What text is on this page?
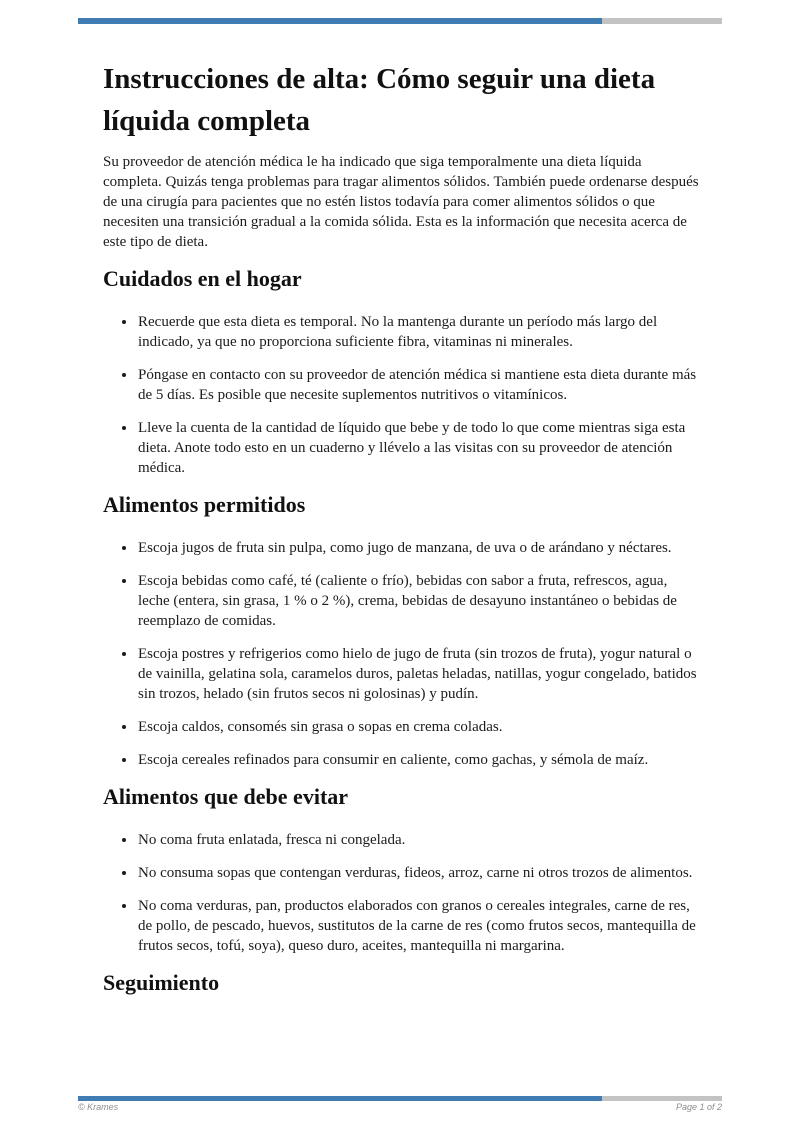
Instrucciones de alta: Cómo seguir una dieta líquida completa

Su proveedor de atención médica le ha indicado que siga temporalmente una dieta líquida completa. Quizás tenga problemas para tragar alimentos sólidos. También puede ordenarse después de una cirugía para pacientes que no estén listos todavía para comer alimentos sólidos o que necesiten una transición gradual a la comida sólida. Esta es la información que necesita acerca de este tipo de dieta.

Cuidados en el hogar
• Recuerde que esta dieta es temporal. No la mantenga durante un período más largo del indicado, ya que no proporciona suficiente fibra, vitaminas ni minerales.
• Póngase en contacto con su proveedor de atención médica si mantiene esta dieta durante más de 5 días. Es posible que necesite suplementos nutritivos o vitamínicos.
• Lleve la cuenta de la cantidad de líquido que bebe y de todo lo que come mientras siga esta dieta. Anote todo esto en un cuaderno y llévelo a las visitas con su proveedor de atención médica.
Alimentos permitidos
• Escoja jugos de fruta sin pulpa, como jugo de manzana, de uva o de arándano y néctares.
• Escoja bebidas como café, té (caliente o frío), bebidas con sabor a fruta, refrescos, agua, leche (entera, sin grasa, 1 % o 2 %), crema, bebidas de desayuno instantáneo o bebidas de reemplazo de comidas.
• Escoja postres y refrigerios como hielo de jugo de fruta (sin trozos de fruta), yogur natural o de vainilla, gelatina sola, caramelos duros, paletas heladas, natillas, yogur congelado, batidos sin trozos, helado (sin frutos secos ni golosinas) y pudín.
• Escoja caldos, consomés sin grasa o sopas en crema coladas.
• Escoja cereales refinados para consumir en caliente, como gachas, y sémola de maíz.
Alimentos que debe evitar
• No coma fruta enlatada, fresca ni congelada.
• No consuma sopas que contengan verduras, fideos, arroz, carne ni otros trozos de alimentos.
• No coma verduras, pan, productos elaborados con granos o cereales integrales, carne de res, de pollo, de pescado, huevos, sustitutos de la carne de res (como frutos secos, mantequilla de frutos secos, tofú, soya), queso duro, aceites, mantequilla ni margarina.
Seguimiento
© Krames	Page 1 of 2
